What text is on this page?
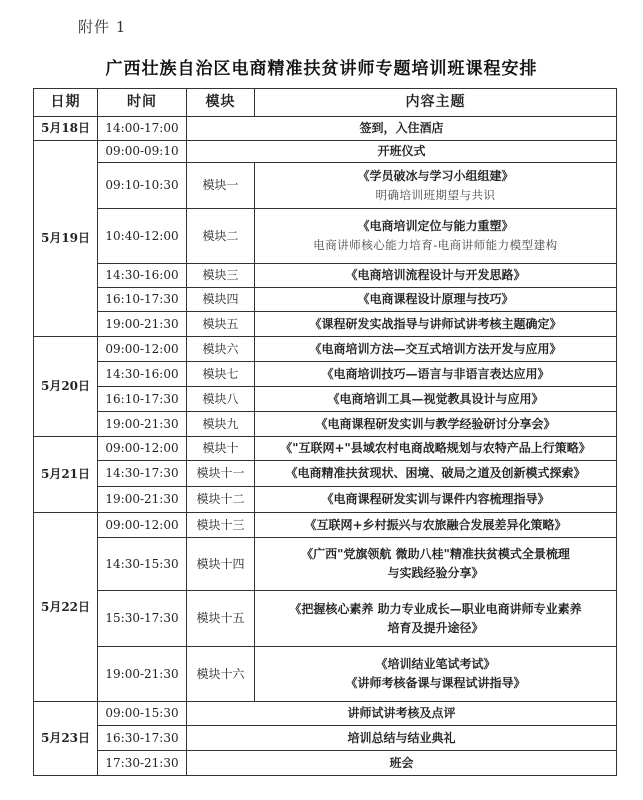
附件 1
广西壮族自治区电商精准扶贫讲师专题培训班课程安排
日期	时间	模块	内容主题
5月18日	14:00-17:00	签到，入住酒店	

5月19日	09:00-09:10	开班仪式	

	09:10-10:30	模块一	《学员破冰与学习小组组建》
明确培训班期望与共识

	10:40-12:00	模块二	《电商培训定位与能力重塑》
电商讲师核心能力培育-电商讲师能力模型建构

	14:30-16:00	模块三	《电商培训流程设计与开发思路》

	16:10-17:30	模块四	《电商课程设计原理与技巧》

	19:00-21:30	模块五	《课程研发实战指导与讲师试讲考核主题确定》

5月20日	09:00-12:00	模块六	《电商培训方法—交互式培训方法开发与应用》

	14:30-16:00	模块七	《电商培训技巧—语言与非语言表达应用》

	16:10-17:30	模块八	《电商培训工具—视觉教具设计与应用》

	19:00-21:30	模块九	《电商课程研发实训与教学经验研讨分享会》

5月21日	09:00-12:00	模块十	《"互联网+"县域农村电商战略规划与农特产品上行策略》

	14:30-17:30	模块十一	《电商精准扶贫现状、困境、破局之道及创新模式探索》

	19:00-21:30	模块十二	《电商课程研发实训与课件内容梳理指导》

5月22日	09:00-12:00	模块十三	《互联网+乡村振兴与农旅融合发展差异化策略》

	14:30-15:30	模块十四	《广西"党旗领航 微助八桂"精准扶贫模式全景梳理
与实践经验分享》

	15:30-17:30	模块十五	《把握核心素养 助力专业成长—职业电商讲师专业素养
培育及提升途径》

	19:00-21:30	模块十六	《培训结业笔试考试》
《讲师考核备课与课程试讲指导》

5月23日	09:00-15:30	讲师试讲考核及点评	

	16:30-17:30	培训总结与结业典礼	

	17:30-21:30	班会	
